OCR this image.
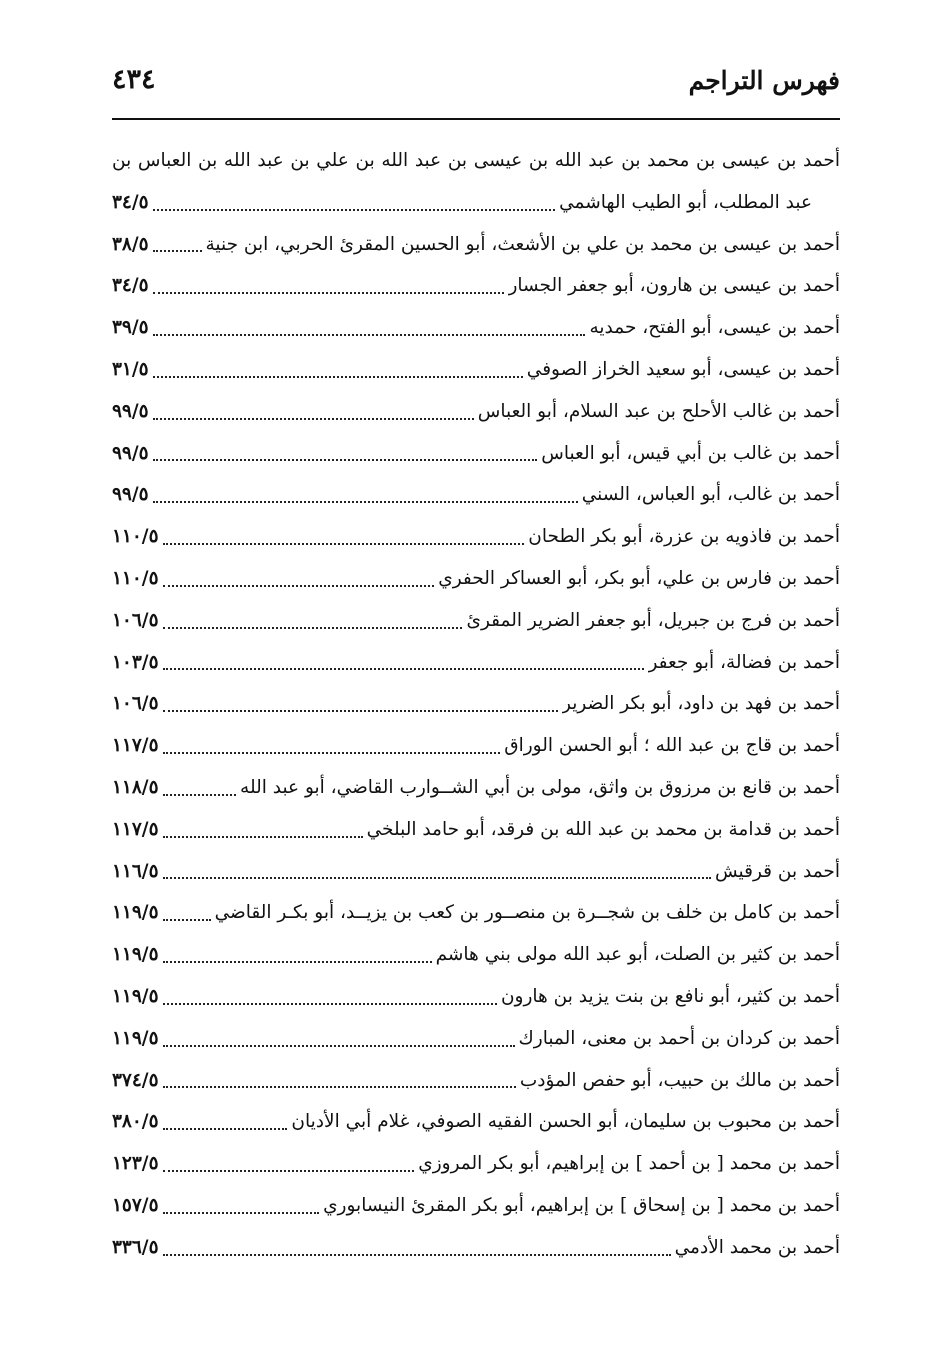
٤٣٤	فهرس التراجم
أحمد بن عيسى بن محمد بن عبد الله بن عيسى بن عبد الله بن علي بن عبد الله بن العباس بن
عبد المطلب، أبو الطيب الهاشمي
٣٤/٥
أحمد بن عيسى بن محمد بن علي بن الأشعث، أبو الحسين المقرئ الحربي، ابن جنية
٣٨/٥
أحمد بن عيسى بن هارون، أبو جعفر الجسار
٣٤/٥
أحمد بن عيسى، أبو الفتح، حمديه
٣٩/٥
أحمد بن عيسى، أبو سعيد الخراز الصوفي
٣١/٥
أحمد بن غالب الأحلح بن عبد السلام، أبو العباس
٩٩/٥
أحمد بن غالب بن أبي قيس، أبو العباس
٩٩/٥
أحمد بن غالب، أبو العباس، السني
٩٩/٥
أحمد بن فاذويه بن عزرة، أبو بكر الطحان
١١٠/٥
أحمد بن فارس بن علي، أبو بكر، أبو العساكر الحفري
١١٠/٥
أحمد بن فرج بن جبريل، أبو جعفر الضرير المقرئ
١٠٦/٥
أحمد بن فضالة، أبو جعفر
١٠٣/٥
أحمد بن فهد بن داود، أبو بكر الضرير
١٠٦/٥
أحمد بن قاج بن عبد الله ؛ أبو الحسن الوراق
١١٧/٥
أحمد بن قانع بن مرزوق بن واثق، مولى بن أبي الشــوارب القاضي، أبو عبد الله
١١٨/٥
أحمد بن قدامة بن محمد بن عبد الله بن فرقد، أبو حامد البلخي
١١٧/٥
أحمد بن قرقيش
١١٦/٥
أحمد بن كامل بن خلف بن شجــرة بن منصــور بن كعب بن يزيــد، أبو بكـر القاضي
١١٩/٥
أحمد بن كثير بن الصلت، أبو عبد الله مولى بني هاشم
١١٩/٥
أحمد بن كثير، أبو نافع بن بنت يزيد بن هارون
١١٩/٥
أحمد بن كردان بن أحمد بن معنى، المبارك
١١٩/٥
أحمد بن مالك بن حبيب، أبو حفص المؤدب
٣٧٤/٥
أحمد بن محبوب بن سليمان، أبو الحسن الفقيه الصوفي، غلام أبي الأديان
٣٨٠/٥
أحمد بن محمد [ بن أحمد ] بن إبراهيم، أبو بكر المروزي
١٢٣/٥
أحمد بن محمد [ بن إسحاق ] بن إبراهيم، أبو بكر المقرئ النيسابوري
١٥٧/٥
أحمد بن محمد الأدمي
٣٣٦/٥
